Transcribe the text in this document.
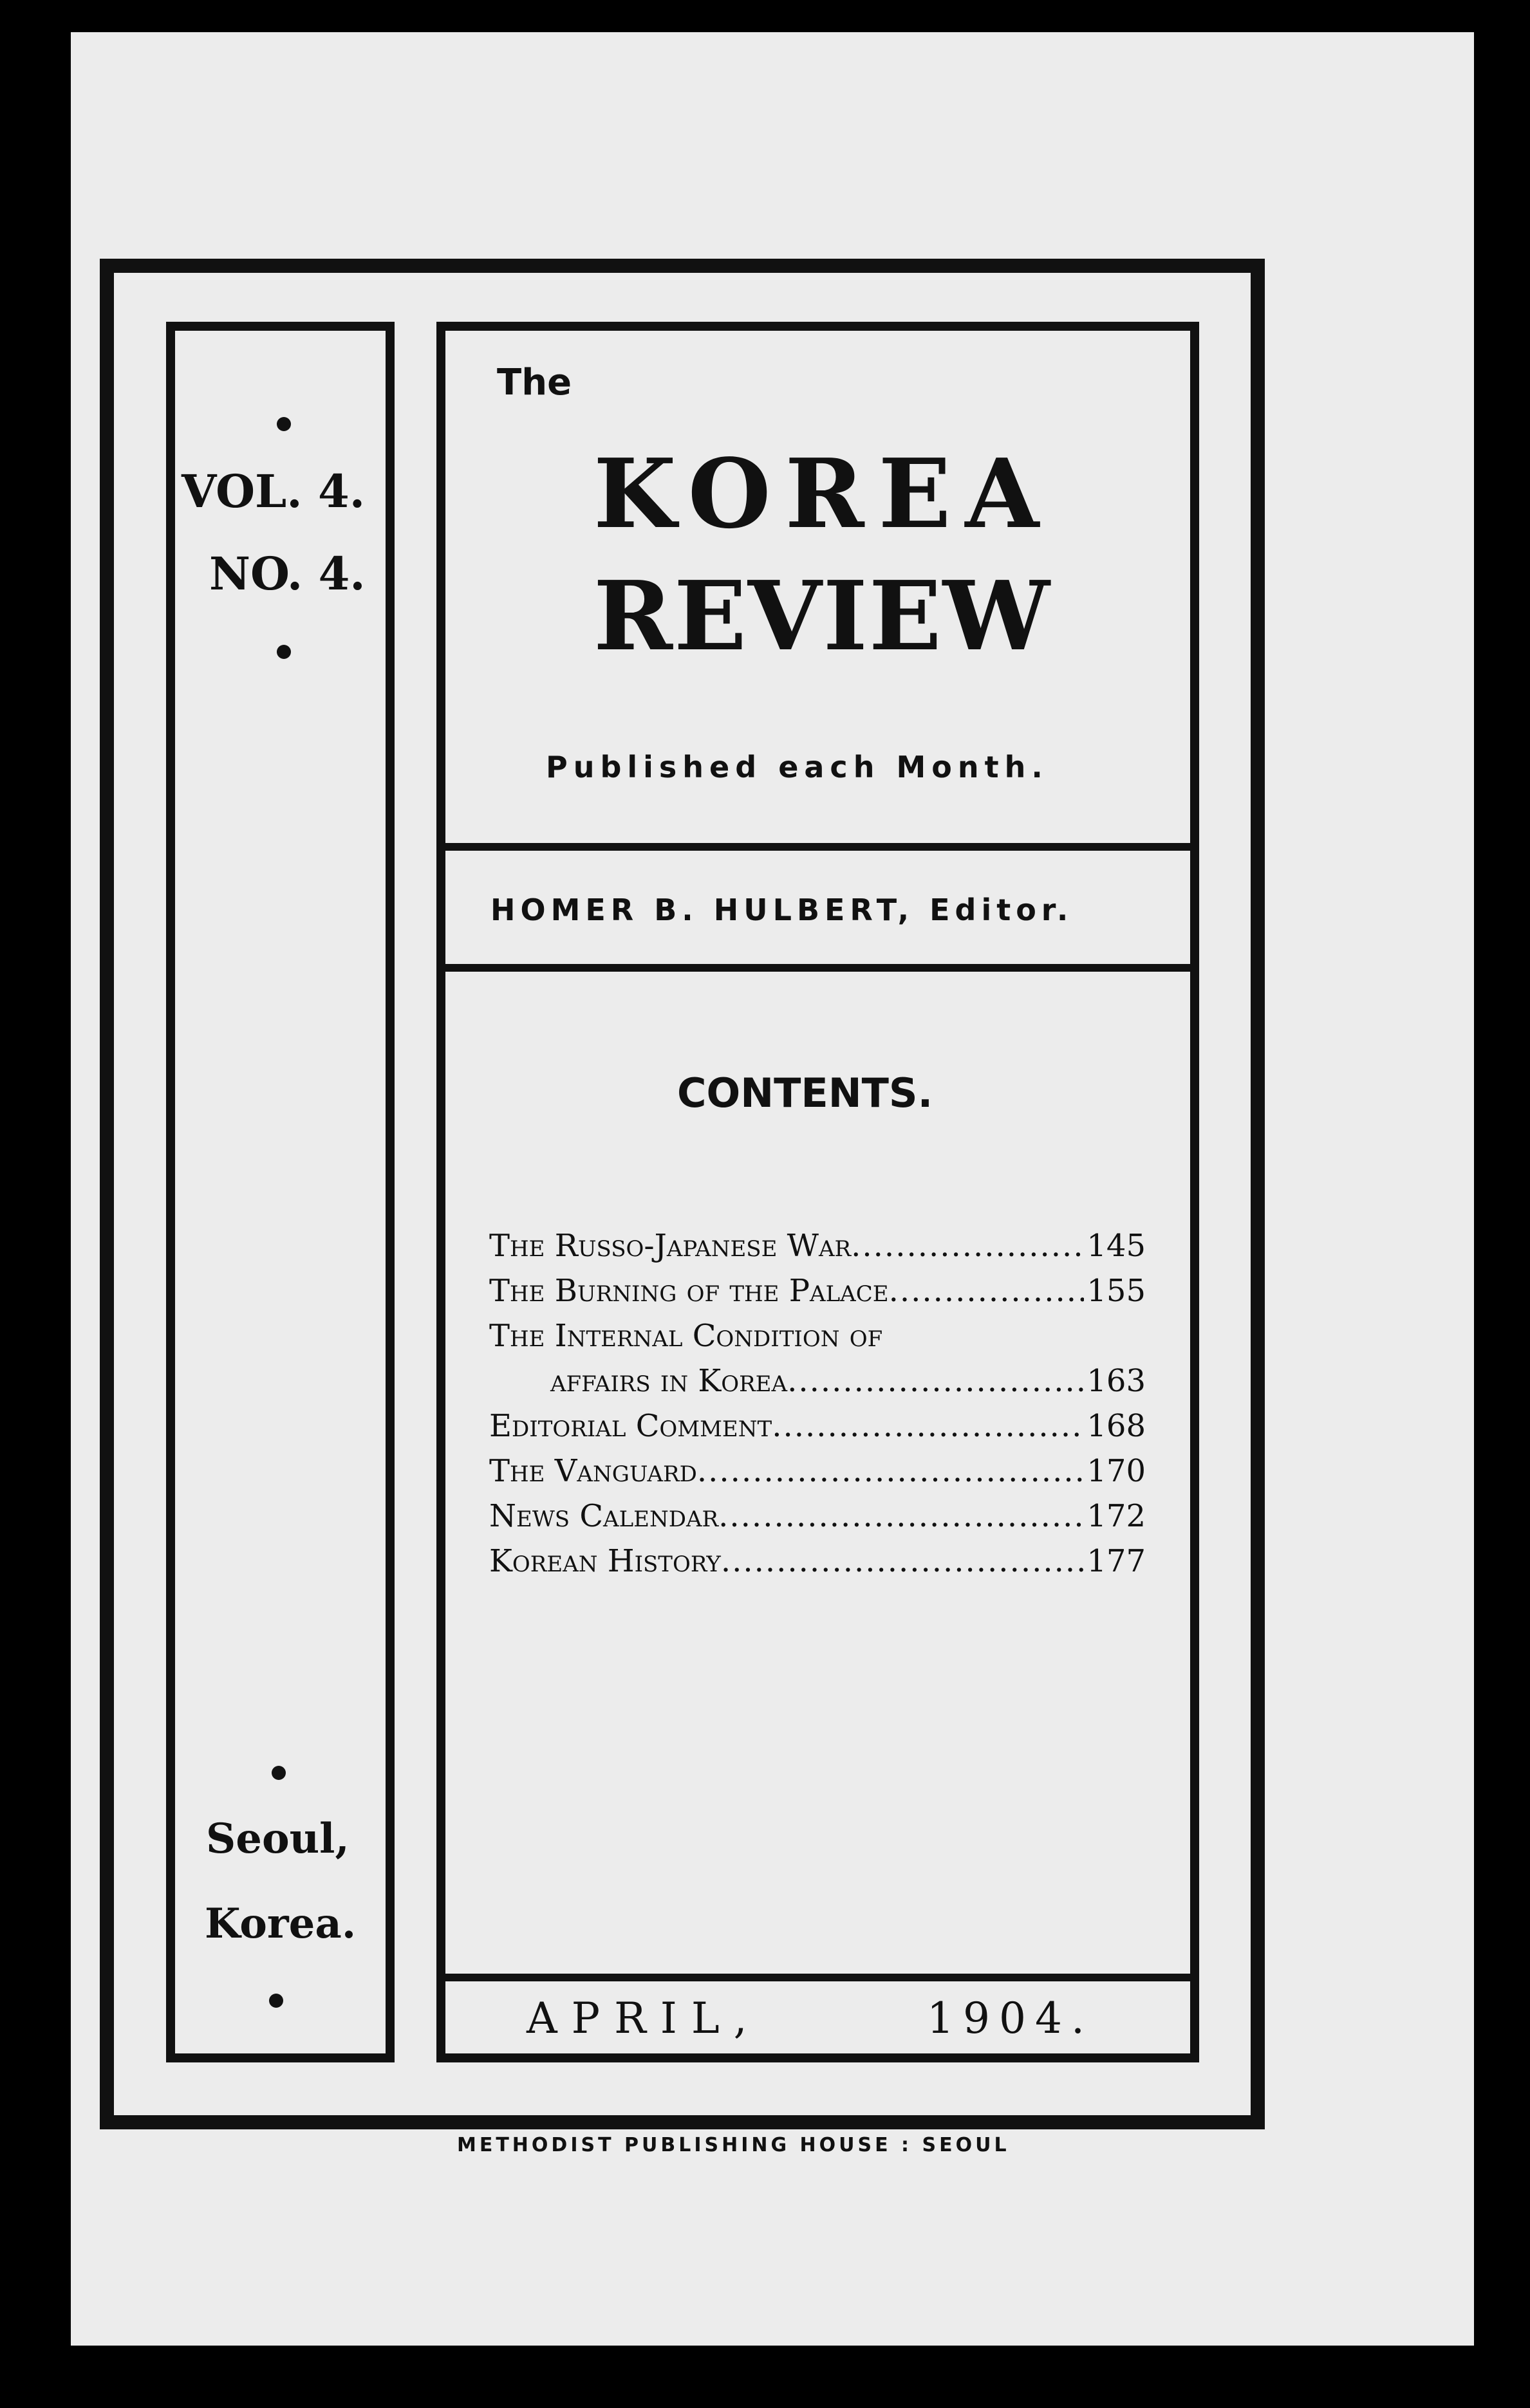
VOL. 4.

NO. 4.

Seoul,

Korea.

The

KOREA

REVIEW

Published each Month.

HOMER B. HULBERT, Editor.

CONTENTS.

The Russo-Japanese War .....	145
The Burning of the Palace .....	155
The Internal Condition of
affairs in Korea .....	163
Editorial Comment .....	168
The Vanguard .....	170
News Calendar .....	172
Korean History .....	177

APRIL,	1904.

METHODIST PUBLISHING HOUSE : SEOUL
